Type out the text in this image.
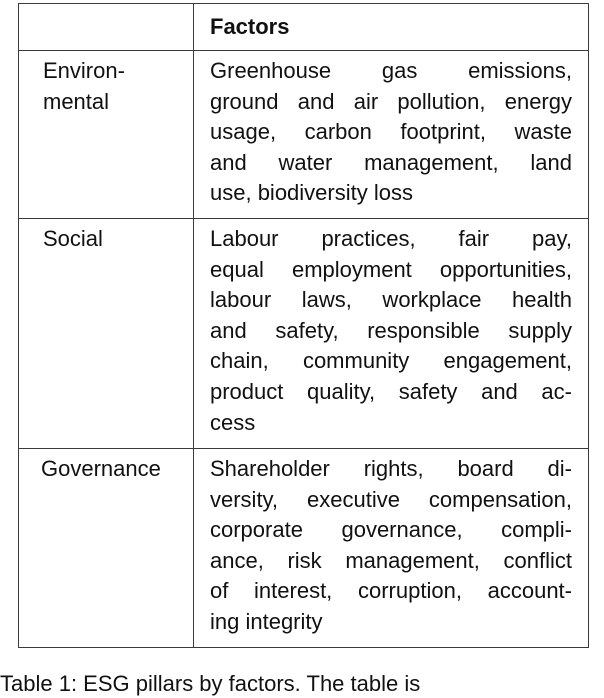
	Factors

Environ-
mental	Greenhouse gas emissions,
ground and air pollution, energy
usage, carbon footprint, waste
and water management, land
use, biodiversity loss

Social	Labour practices, fair pay,
equal employment opportunities,
labour laws, workplace health
and safety, responsible supply
chain, community engagement,
product quality, safety and ac-
cess

Governance	Shareholder rights, board di-
versity, executive compensation,
corporate governance, compli-
ance, risk management, conflict
of interest, corruption, account-
ing integrity
Table 1: ESG pillars by factors. The table is
